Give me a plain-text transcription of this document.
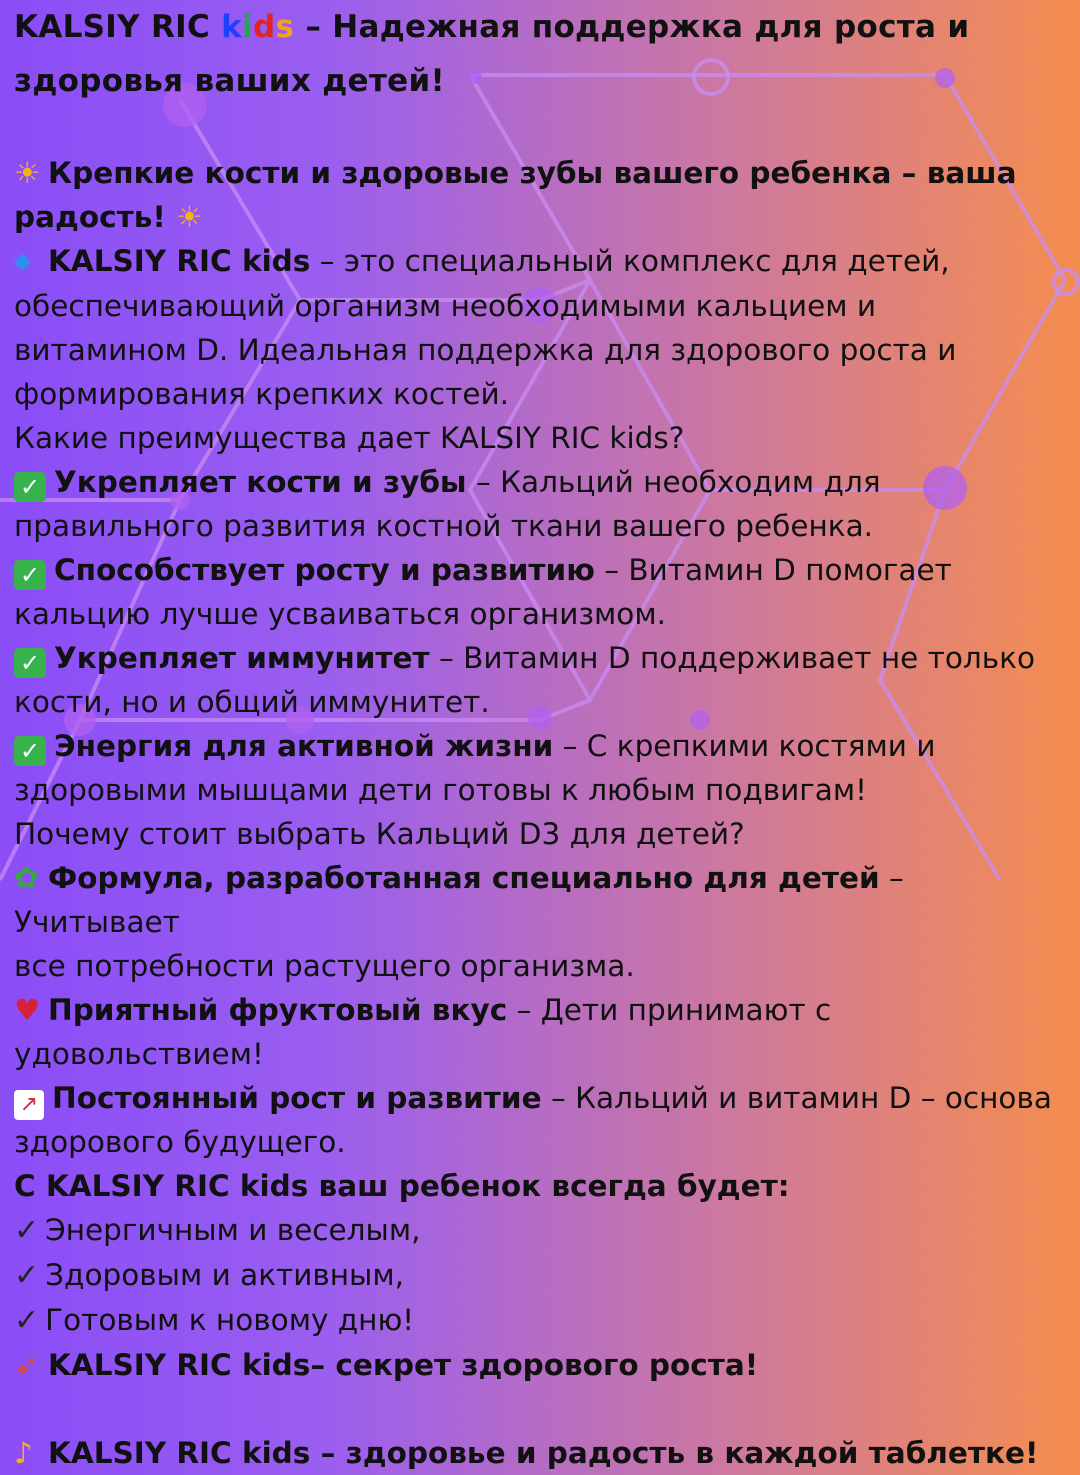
KALSIY RIC kids – Надежная поддержка для роста и
здоровья ваших детей!

☀ Крепкие кости и здоровые зубы вашего ребенка – ваша
радость! ☀

◆ KALSIY RIC kids – это специальный комплекс для детей,
обеспечивающий организм необходимыми кальцием и
витамином D. Идеальная поддержка для здорового роста и
формирования крепких костей.

Какие преимущества дает KALSIY RIC kids?

✓ Укрепляет кости и зубы – Кальций необходим для
правильного развития костной ткани вашего ребенка.

✓ Способствует росту и развитию – Витамин D помогает
кальцию лучше усваиваться организмом.

✓ Укрепляет иммунитет – Витамин D поддерживает не только
кости, но и общий иммунитет.

✓ Энергия для активной жизни – С крепкими костями и
здоровыми мышцами дети готовы к любым подвигам!

Почему стоит выбрать Кальций D3 для детей?

✿ Формула, разработанная специально для детей – Учитывает
все потребности растущего организма.

♥ Приятный фруктовый вкус – Дети принимают с
удовольствием!

↗ Постоянный рост и развитие – Кальций и витамин D – основа
здорового будущего.

С KALSIY RIC kids ваш ребенок всегда будет:

✓ Энергичным и веселым,
✓ Здоровым и активным,
✓ Готовым к новому дню!

➶ KALSIY RIC kids– секрет здорового роста!

♪ KALSIY RIC kids – здоровье и радость в каждой таблетке!
